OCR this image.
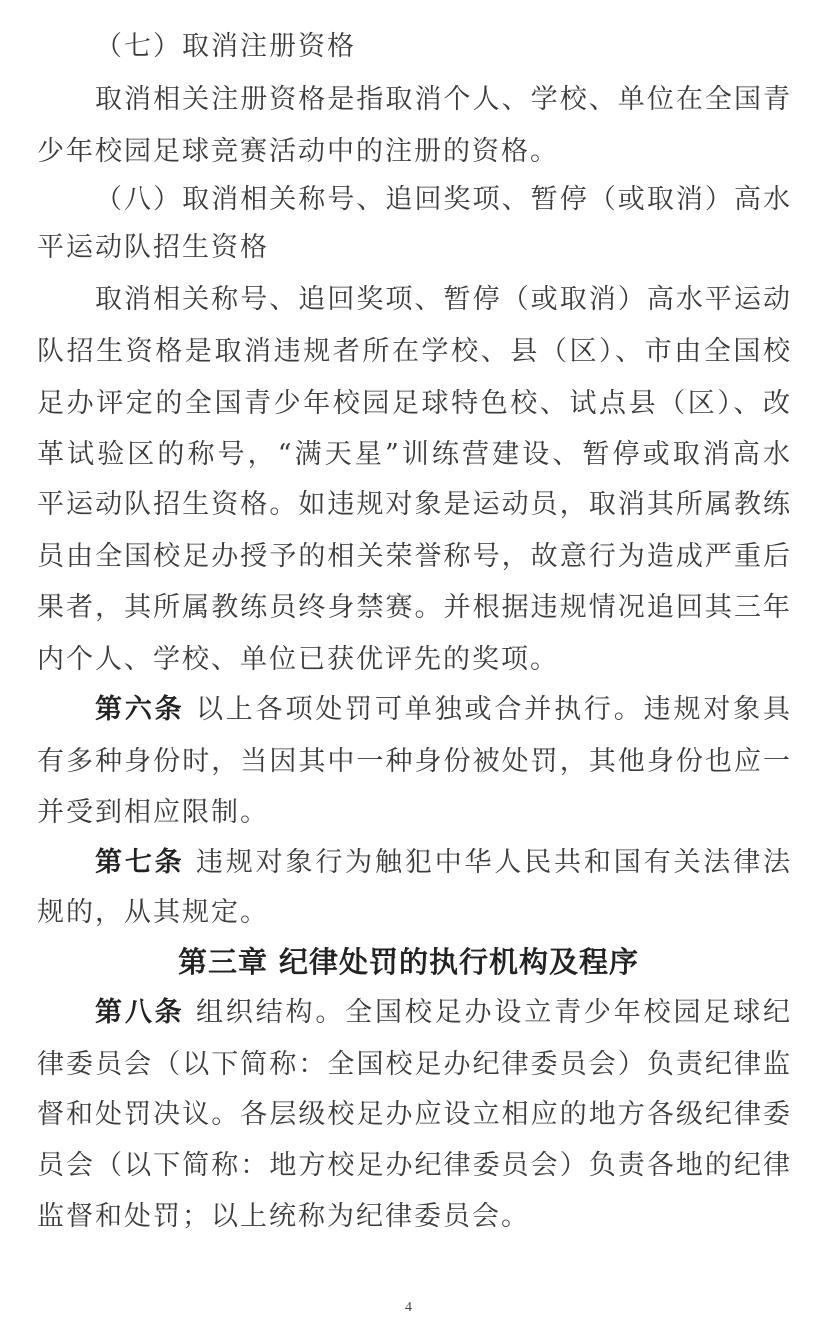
（七）取消注册资格
取消相关注册资格是指取消个人、学校、单位在全国青
少年校园足球竞赛活动中的注册的资格。
（八）取消相关称号、追回奖项、暂停（或取消）高水
平运动队招生资格
取消相关称号、追回奖项、暂停（或取消）高水平运动
队招生资格是取消违规者所在学校、县（区）、市由全国校
足办评定的全国青少年校园足球特色校、试点县（区）、改
革试验区的称号，“满天星”训练营建设、暂停或取消高水
平运动队招生资格。如违规对象是运动员，取消其所属教练
员由全国校足办授予的相关荣誉称号，故意行为造成严重后
果者，其所属教练员终身禁赛。并根据违规情况追回其三年
内个人、学校、单位已获优评先的奖项。
第六条 以上各项处罚可单独或合并执行。违规对象具
有多种身份时，当因其中一种身份被处罚，其他身份也应一
并受到相应限制。
第七条 违规对象行为触犯中华人民共和国有关法律法
规的，从其规定。
第三章 纪律处罚的执行机构及程序
第八条 组织结构。全国校足办设立青少年校园足球纪
律委员会（以下简称：全国校足办纪律委员会）负责纪律监
督和处罚决议。各层级校足办应设立相应的地方各级纪律委
员会（以下简称：地方校足办纪律委员会）负责各地的纪律
监督和处罚；以上统称为纪律委员会。
4
